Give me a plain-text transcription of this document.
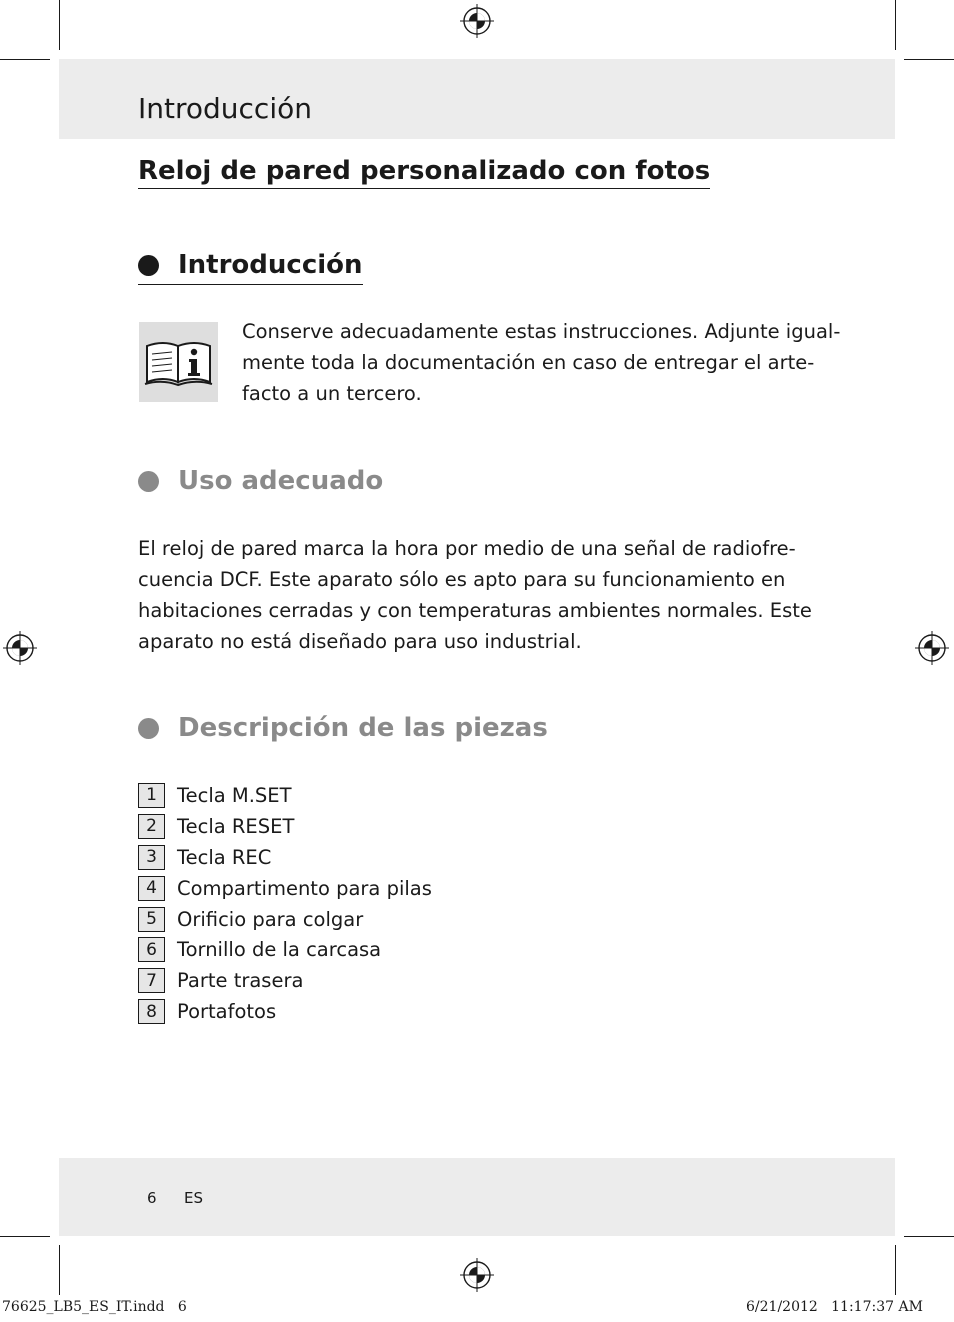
Introducción
Reloj de pared personalizado con fotos
Introducción
Conserve adecuadamente estas instrucciones. Adjunte igual-
mente toda la documentación en caso de entregar el arte-
facto a un tercero.
Uso adecuado
El reloj de pared marca la hora por medio de una señal de radiofre-
cuencia DCF. Este aparato sólo es apto para su funcionamiento en
habitaciones cerradas y con temperaturas ambientes normales. Este
aparato no está diseñado para uso industrial.
Descripción de las piezas
1	Tecla M.SET
2	Tecla RESET
3	Tecla REC
4	Compartimento para pilas
5	Orificio para colgar
6	Tornillo de la carcasa
7	Parte trasera
8	Portafotos
6 ES
76625_LB5_ES_IT.indd   6	6/21/2012   11:17:37 AM
